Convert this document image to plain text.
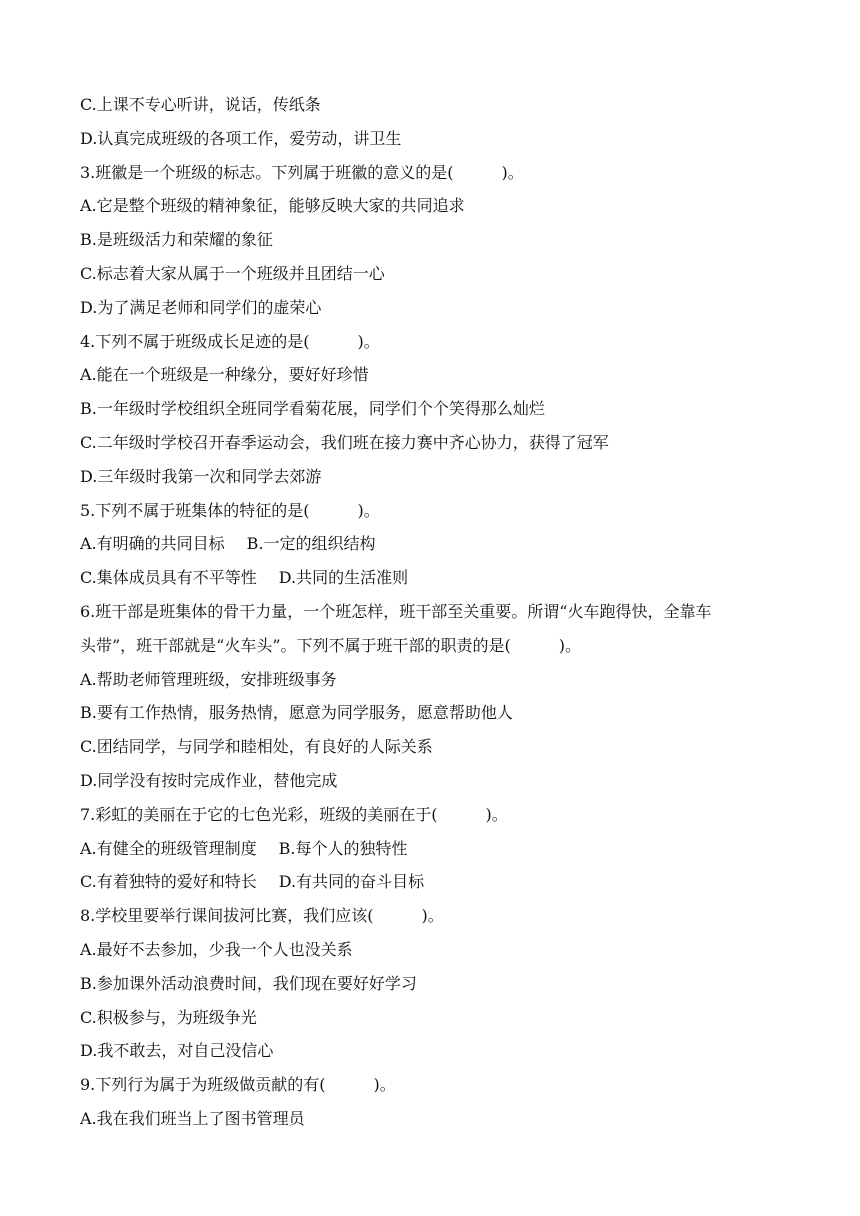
C.上课不专心听讲，说话，传纸条
D.认真完成班级的各项工作，爱劳动，讲卫生
3.班徽是一个班级的标志。下列属于班徽的意义的是(　　　)。
A.它是整个班级的精神象征，能够反映大家的共同追求
B.是班级活力和荣耀的象征
C.标志着大家从属于一个班级并且团结一心
D.为了满足老师和同学们的虚荣心
4.下列不属于班级成长足迹的是(　　　)。
A.能在一个班级是一种缘分，要好好珍惜
B.一年级时学校组织全班同学看菊花展，同学们个个笑得那么灿烂
C.二年级时学校召开春季运动会，我们班在接力赛中齐心协力，获得了冠军
D.三年级时我第一次和同学去郊游
5.下列不属于班集体的特征的是(　　　)。
A.有明确的共同目标 B.一定的组织结构
C.集体成员具有不平等性 D.共同的生活准则
6.班干部是班集体的骨干力量，一个班怎样，班干部至关重要。所谓“火车跑得快，全靠车
头带”，班干部就是“火车头”。下列不属于班干部的职责的是(　　　)。
A.帮助老师管理班级，安排班级事务
B.要有工作热情，服务热情，愿意为同学服务，愿意帮助他人
C.团结同学，与同学和睦相处，有良好的人际关系
D.同学没有按时完成作业，替他完成
7.彩虹的美丽在于它的七色光彩，班级的美丽在于(　　　)。
A.有健全的班级管理制度 B.每个人的独特性
C.有着独特的爱好和特长 D.有共同的奋斗目标
8.学校里要举行课间拔河比赛，我们应该(　　　)。
A.最好不去参加，少我一个人也没关系
B.参加课外活动浪费时间，我们现在要好好学习
C.积极参与，为班级争光
D.我不敢去，对自己没信心
9.下列行为属于为班级做贡献的有(　　　)。
A.我在我们班当上了图书管理员
